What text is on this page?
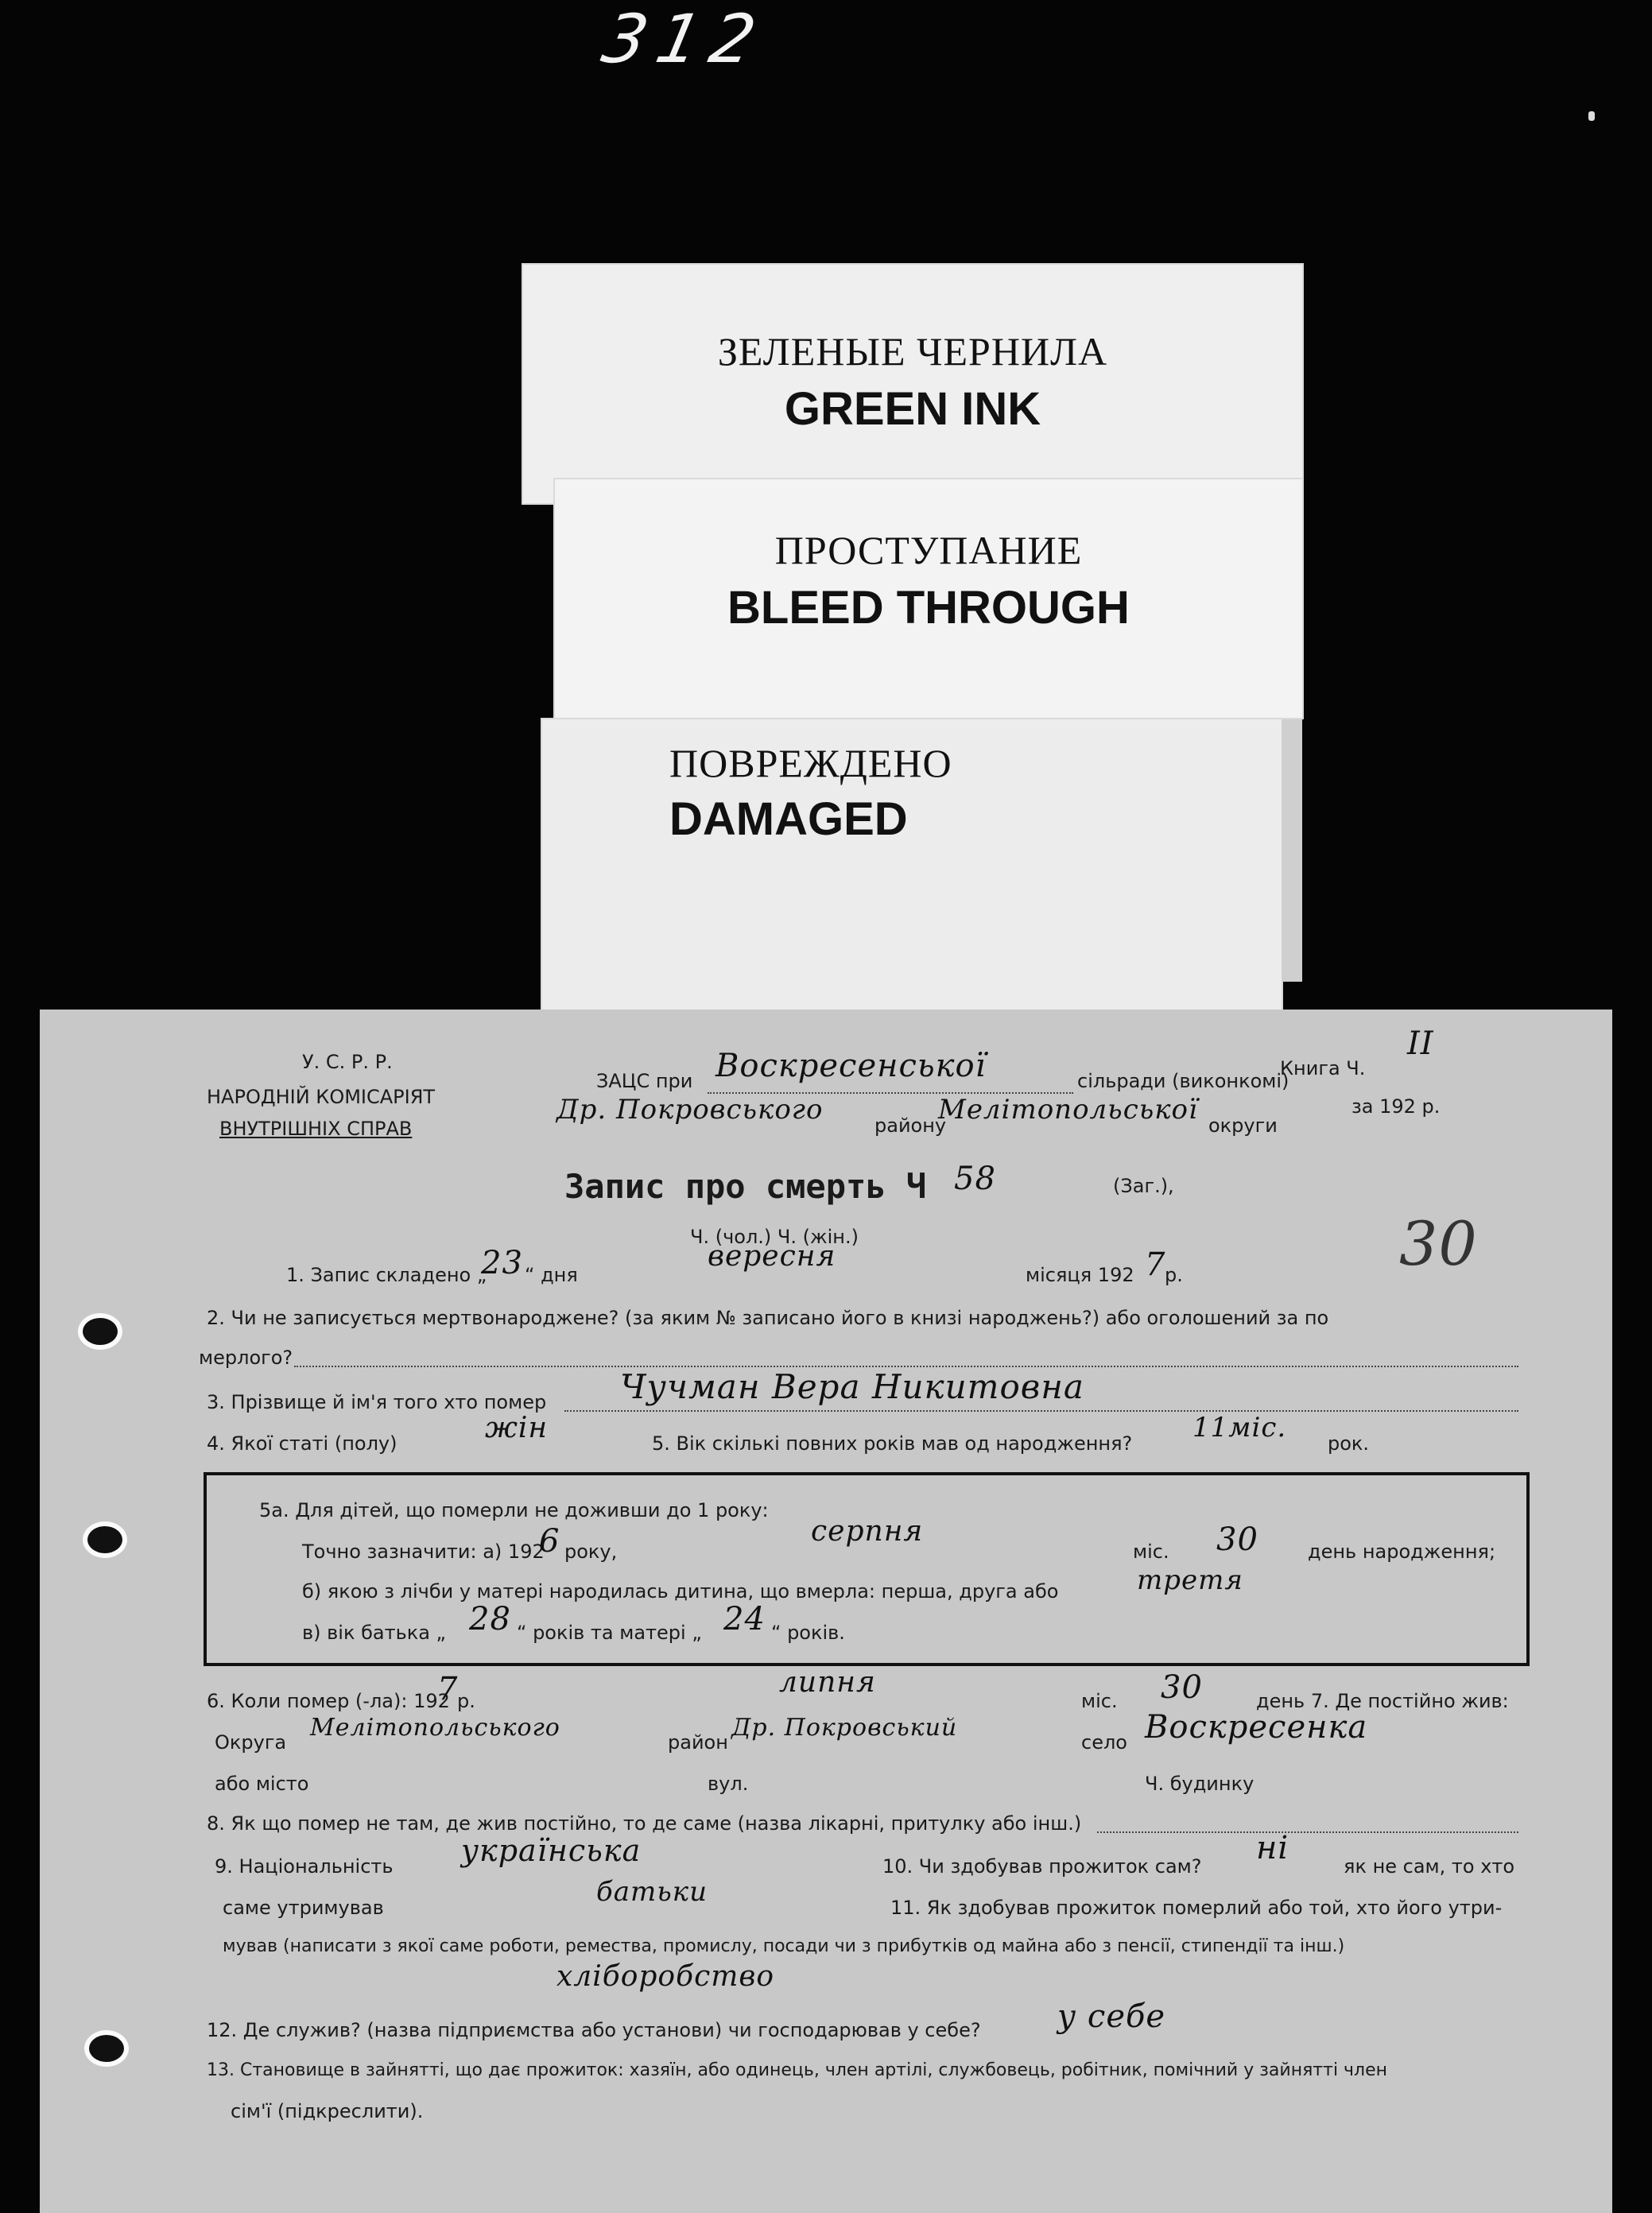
312
ЗЕЛЕНЫЕ ЧЕРНИЛА
GREEN INK
ПРОСТУПАНИЕ
BLEED THROUGH
ПОВРЕЖДЕНО
DAMAGED
У. С. Р. Р.
НАРОДНІЙ КОМІСАРІЯТ
ВНУТРІШНІХ СПРАВ
ЗАЦС при Воскресенської	сільради (виконкомі)
Книга Ч.
II
Др. Покровського	району
Мелітопольської округи
за 192 р.
Запис про смерть Ч 58	(Заг.),
Ч. (чол.) Ч. (жін.)	30
1. Запис складено „
23 “ дня
вересня
місяця 192 7
р.
2. Чи не записується мертвонароджене? (за яким № записано його в книзі народжень?) або оголошений за по
мерлого?
3. Прізвище й ім'я того хто помер Чучман Вера Никитовна
4. Якої статі (полу)	жін	5. Вік скількі повних років мав од народження? 11міс. рок.
5а. Для дітей, що померли не доживши до 1 року:
Точно зазначити: а) 192
6 року,
серпня
міс. 30	день народження;
б) якою з лічби у матері народилась дитина, що вмерла: перша, друга або	третя
в) вік батька „ 28 “ років та матері „ 24 “ років.
6. Коли помер (-ла): 192
7
р.
липня
міс. 30	день 7. Де постійно жив:
Округа
Мелітопольського
район
Др. Покровський
село Воскресенка
або місто	вул.	Ч. будинку
8. Як що помер не там, де жив постійно, то де саме (назва лікарні, притулку або інш.)
9. Національність українська	10. Чи здобував прожиток сам? ні	як не сам, то хто
саме утримував	батьки	11. Як здобував прожиток померлий або той, хто його утри-
мував (написати з якої саме роботи, ремества, промислу, посади чи з прибутків од майна або з пенсії, стипендії та інш.)
хліборобство
12. Де служив? (назва підприємства або установи) чи господарював у себе? у себе
13. Становище в зайнятті, що дає прожиток: хазяїн, або одинець, член артілі, службовець, робітник, помічний у зайнятті член
сім'ї (підкреслити).
